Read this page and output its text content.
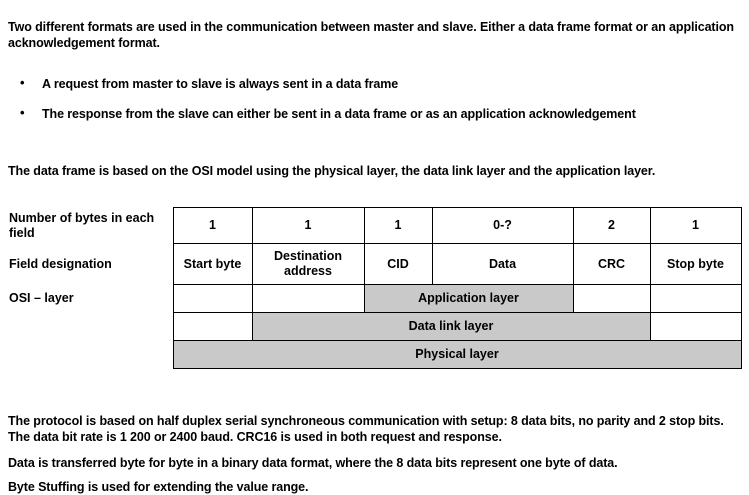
Two different formats are used in the communication between master and slave. Either a data frame format or an application acknowledgement format.

• A request from master to slave is always sent in a data frame
• The response from the slave can either be sent in a data frame or as an application acknowledgement

The data frame is based on the OSI model using the physical layer, the data link layer and the application layer.

Number of bytes in each field	1	1	1	0-?	2	1
Field designation	Start byte	Destination address	CID	Data	CRC	Stop byte
OSI – layer			Application layer			
		Data link layer				
	Physical layer					

The protocol is based on half duplex serial synchroneous communication with setup: 8 data bits, no parity and 2 stop bits. The data bit rate is 1 200 or 2400 baud. CRC16 is used in both request and response.

Data is transferred byte for byte in a binary data format, where the 8 data bits represent one byte of data.

Byte Stuffing is used for extending the value range.
